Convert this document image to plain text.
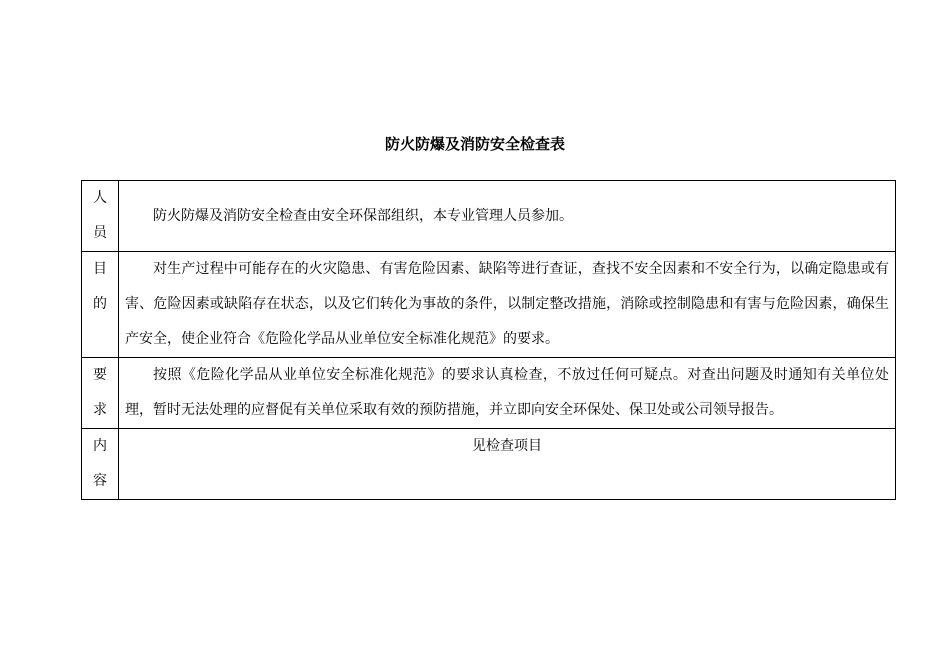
防火防爆及消防安全检查表
人
员	防火防爆及消防安全检查由安全环保部组织，本专业管理人员参加。

目
的	对生产过程中可能存在的火灾隐患、有害危险因素、缺陷等进行查证，查找不安全因素和不安全行为，以确定隐患或有害、危险因素或缺陷存在状态，以及它们转化为事故的条件，以制定整改措施，消除或控制隐患和有害与危险因素，确保生产安全，使企业符合《危险化学品从业单位安全标准化规范》的要求。

要
求	按照《危险化学品从业单位安全标准化规范》的要求认真检查，不放过任何可疑点。对查出问题及时通知有关单位处理，暂时无法处理的应督促有关单位采取有效的预防措施，并立即向安全环保处、保卫处或公司领导报告。

内
容	见检查项目
